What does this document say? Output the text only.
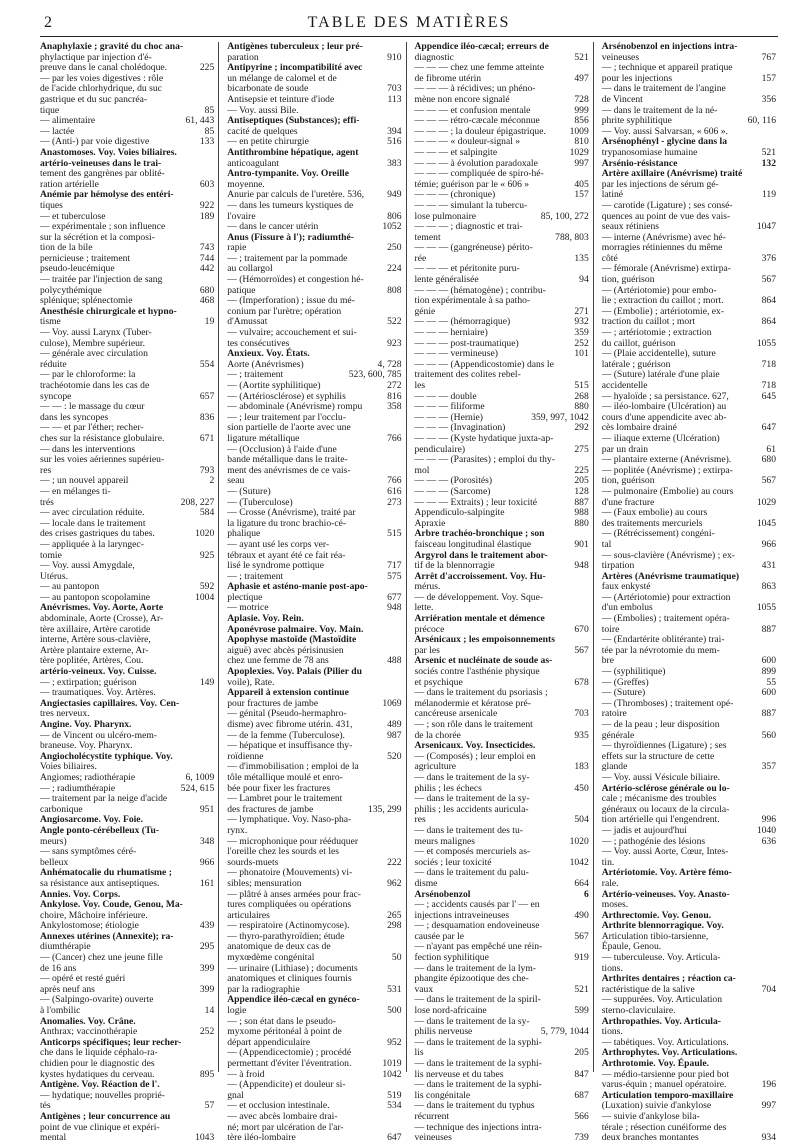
2	TABLE DES MATIÈRES
Anaphylaxie ; gravité du choc ana-
phylactique par injection d'é-
preuve dans le canal cholédoque.	225
— par les voies digestives : rôle
de l'acide chlorhydrique, du suc
gastrique et du suc pancréa-
tique	85
— alimentaire	61, 443
— lactée	85
— (Anti-) par voie digestive	133
Anastomoses. Voy. Voies biliaires.
artério-veineuses dans le trai-
tement des gangrènes par oblité-
ration artérielle	603
Anémie par hémolyse des entéri-
tiques	922
— et tuberculose	189
— expérimentale ; son influence
sur la sécrétion et la composi-
tion de la bile	743
pernicieuse ; traitement	744
pseudo-leucémique	442
— traitée par l'injection de sang
polycythémique	680
splénique; splénectomie	468
Anesthésie chirurgicale et hypno-
tisme	19
— Voy. aussi Larynx (Tuber-
culose), Membre supérieur.
— générale avec circulation
réduite	554
— par le chloroforme: la
trachéotomie dans les cas de
syncope	657
— — : le massage du cœur
dans les syncopes	836
— — et par l'éther; recher-
ches sur la résistance globulaire.	671
— dans les interventions
sur les voies aériennes supérieu-
res	793
— ; un nouvel appareil	2
— en mélanges ti-
trés	208, 227
— avec circulation réduite.	584
— locale dans le traitement
des crises gastriques du tabes.	1020
— appliquée à la laryngec-
tomie	925
— Voy. aussi Amygdale,
Utérus.
— au pantopon	592
— au pantopon scopolamine	1004
Anévrismes. Voy. Aorte, Aorte
abdominale, Aorte (Crosse), Ar-
tère axillaire, Artère carotide
interne, Artère sous-clavière,
Artère plantaire externe, Ar-
tère poplitée, Artères, Cou.
artério-veineux. Voy. Cuisse.
— ; extirpation; guérison	149
— traumatiques. Voy. Artères.
Angiectasies capillaires. Voy. Cen-
tres nerveux.
Angine. Voy. Pharynx.
— de Vincent ou ulcéro-mem-
braneuse. Voy. Pharynx.
Angiocholécystite typhique. Voy.
Voies biliaires.
Angiomes; radiothérapie	6, 1009
— ; radiumthérapie	524, 615
— traitement par la neige d'acide
carbonique	951
Angiosarcome. Voy. Foie.
Angle ponto-cérébelleux (Tu-
meurs)	348
— sans symptômes céré-
belleux	966
Anhématocalie du rhumatisme ;
sa résistance aux antiseptiques.	161
Annies. Voy. Corps.
Ankylose. Voy. Coude, Genou, Ma-
choire, Mâchoire inférieure.
Ankylostomose; étiologie	439
Annexes utérines (Annexite); ra-
diumthérapie	295
— (Cancer) chez une jeune fille
de 16 ans	399
— opéré et resté guéri
après neuf ans	399
— (Salpingo-ovarite) ouverte
à l'ombilic	14
Anomalies. Voy. Crâne.
Anthrax; vaccinothérapie	252
Anticorps spécifiques; leur recher-
che dans le liquide céphalo-ra-
chidien pour le diagnostic des
kystes hydatiques du cerveau.	895
Antigène. Voy. Réaction de l'.
— hydatique; nouvelles proprié-
tés	57
Antigènes ; leur concurrence au
point de vue clinique et expéri-
mental	1043
Antigènes tuberculeux ; leur pré-
paration	910
Antipyrine ; incompatibilité avec
un mélange de calomel et de
bicarbonate de soude	703
Antisepsie et teinture d'iode	113
— Voy. aussi Bile.
Antiseptiques (Substances); effi-
cacité de quelques	394
— en petite chirurgie	516
Antithrombine hépatique, agent
anticoagulant	383
Antro-tympanite. Voy. Oreille
moyenne.
Anurie par calculs de l'uretère. 536,	949
— dans les tumeurs kystiques de
l'ovaire	806
— dans le cancer utérin	1052
Anus (Fissure à l'); radiumthé-
rapie	250
— ; traitement par la pommade
au collargol	224
— (Hémorroïdes) et congestion hé-
patique	808
— (Imperforation) ; issue du mé-
conium par l'urètre; opération
d'Amussat	522
— vulvaire; accouchement et sui-
tes consécutives	923
Anxieux. Voy. États.
Aorte (Anévrismes)	4, 728
— ; traitement	523, 600, 785
— (Aortite syphilitique)	272
— (Artériosclérose) et syphilis	816
— abdominale (Anévrisme) rompu	358
— ; leur traitement par l'occlu-
sion partielle de l'aorte avec une
ligature métallique	766
— (Occlusion) à l'aide d'une
bande métallique dans le traite-
ment des anévrismes de ce vais-
seau	766
— (Suture)	616
— (Tuberculose)	273
— Crosse (Anévrisme), traité par
la ligature du tronc brachio-cé-
phalique	515
— ayant usé les corps ver-
tébraux et ayant été ce fait réa-
lisé le syndrome pottique	717
— ; traitement	575
Aphasie et asténo-manie post-apo-
plectique	677
— motrice	948
Aplasie. Voy. Rein.
Aponévrose palmaire. Voy. Main.
Apophyse mastoïde (Mastoïdite
aiguë) avec abcès périsinusien
chez une femme de 78 ans	488
Apoplexies. Voy. Palais (Pilier du
voile), Rate.
Appareil à extension continue
pour fractures de jambe	1069
— génital (Pseudo-hermaphro-
disme) avec fibrome utérin. 431,	489
— de la femme (Tuberculose).	987
— hépatique et insuffisance thy-
roïdienne	520
— d'immobilisation ; emploi de la
tôle métallique moulé et enro-
bée pour fixer les fractures
— Lambret pour le traitement
des fractures de jambe	135, 299
— lymphatique. Voy. Naso-pha-
rynx.
— microphonique pour rééduquer
l'oreille chez les sourds et les
sourds-muets	222
— phonatoire (Mouvements) vi-
sibles; mensuration	962
— plâtré à anses armées pour frac-
tures compliquées ou opérations
articulaires	265
— respiratoire (Actinomycose).	298
— thyro-parathyroïdien; étude
anatomique de deux cas de
myxœdème congénital	50
— urinaire (Lithiase) ; documents
anatomiques et cliniques fournis
par la radiographie	531
Appendice iléo-cæcal en gynéco-
logie	500
— ; son état dans le pseudo-
myxome péritonéal à point de
départ appendiculaire	952
— (Appendicectomie) ; procédé
permettant d'éviter l'éventration.	1019
— à froid	1042
— (Appendicite) et douleur si-
gnal	519
— et occlusion intestinale.	534
— avec abcès lombaire drai-
né; mort par ulcération de l'ar-
tère iléo-lombaire	647
Appendice iléo-cæcal; erreurs de
diagnostic	521
— — — chez une femme atteinte
de fibrome utérin	497
— — — à récidives; un phéno-
mène non encore signalé	728
— — — et confusion mentale	999
— — — rétro-cæcale méconnue	856
— — — ; la douleur épigastrique.	1009
— — — « douleur-signal »	810
— — — et salpingite	1029
— — — à évolution paradoxale	997
— — — compliquée de spiro-hé-
témie; guérison par le « 606 »	405
— — — (chronique)	157
— — — simulant la tubercu-
lose pulmonaire	85, 100, 272
— — — ; diagnostic et trai-
tement	788, 803
— — — (gangréneuse) périto-
rée	135
— — — et péritonite puru-
lente généralisée	94
— — — (hématogène) ; contribu-
tion expérimentale à sa patho-
génie	271
— — — (hémorragique)	932
— — — herniaire)	359
— — — post-traumatique)	252
— — — vermineuse)	101
— — — (Appendicostomie) dans le
traitement des colites rebel-
les	515
— — — double	268
— — — filiforme	880
— — — (Hernie)	359, 997, 1042
— — — (Invagination)	292
— — — (Kyste hydatique juxta-ap-
pendiculaire)	275
— — — (Parasites) ; emploi du thy-
mol	225
— — — (Porosités)	205
— — — (Sarcome)	128
— — — Extraits) ; leur toxicité	887
Appendiculo-salpingite	988
Apraxie	880
Arbre trachéo-bronchique ; son
faisceau longitudinal élastique	901
Argyrol dans le traitement abor-
tif de la blennorragie	948
Arrêt d'accroissement. Voy. Hu-
mérus.
— de développement. Voy. Sque-
lette.
Arriération mentale et démence
précoce	670
Arsénicaux ; les empoisonnements
par les	567
Arsenic et nucléinate de soude as-
sociés contre l'asthénie physique
et psychique	678
— dans le traitement du psoriasis ;
mélanodermie et kératose pré-
cancéreuse arsenicale	703
— ; son rôle dans le traitement
de la chorée	935
Arsenicaux. Voy. Insecticides.
— (Composés) ; leur emploi en
agriculture	183
— dans le traitement de la sy-
philis ; les échecs	450
— dans le traitement de la sy-
philis ; les accidents auricula-
res	504
— dans le traitement des tu-
meurs malignes	1020
— et composés mercuriels as-
sociés ; leur toxicité	1042
— dans le traitement du palu-
disme	664
Arsénobenzol	6
— ; accidents causés par l' — en
injections intraveineuses	490
— ; desquamation endoveineuse
causée par le	567
— n'ayant pas empêché une réin-
fection syphilitique	919
— dans le traitement de la lym-
phangite épizootique des che-
vaux	521
— dans le traitement de la spiril-
lose nord-africaine	599
— dans le traitement de la sy-
philis nerveuse	5, 779, 1044
— dans le traitement de la syphi-
lis	205
— dans le traitement de la syphi-
lis nerveuse et du tabes	847
— dans le traitement de la syphi-
lis congénitale	687
— dans le traitement du typhus
récurrent	566
— technique des injections intra-
veineuses	739
Arsénobenzol en injections intra-
veineuses	767
— ; technique et appareil pratique
pour les injections	157
— dans le traitement de l'angine
de Vincent	356
— dans le traitement de la né-
phrite syphilitique	60, 116
— Voy. aussi Salvarsan, « 606 ».
Arsénophényl - glycine dans la
trypanosomiase humaine	521
Arsénio-résistance	132
Artère axillaire (Anévrisme) traité
par les injections de sérum gé-
latiné	119
— carotide (Ligature) ; ses consé-
quences au point de vue des vais-
seaux rétiniens	1047
— interne (Anévrisme) avec hé-
morragies rétiniennes du même
côté	376
— fémorale (Anévrisme) extirpa-
tion, guérison	567
— (Artériotomie) pour embo-
lie ; extraction du caillot ; mort.	864
— (Embolie) ; artériotomie, ex-
traction du caillot ; mort	864
— ; artériotomie ; extraction
du caillot, guérison	1055
— (Plaie accidentelle), suture
latérale ; guérison	718
— (Suture) latérale d'une plaie
accidentelle	718
— hyaloïde ; sa persistance. 627,	645
— iléo-lombaire (Ulcération) au
cours d'une appendicite avec ab-
cès lombaire drainé	647
— iliaque externe (Ulcération)
par un drain	61
— plantaire externe (Anévrisme).	680
— poplitée (Anévrisme) ; extirpa-
tion, guérison	567
— pulmonaire (Embolie) au cours
d'une fracture	1029
— (Faux embolie) au cours
des traitements mercuriels	1045
— (Rétrécissement) congéni-
tal	966
— sous-clavière (Anévrisme) ; ex-
tirpation	431
Artères (Anévrisme traumatique)
faux enkysté	863
— (Artériotomie) pour extraction
d'un embolus	1055
— (Embolies) ; traitement opéra-
toire	887
— (Endartérite oblitérante) trai-
tée par la névrotomie du mem-
bre	600
— (syphilitique)	899
— (Greffes)	55
— (Suture)	600
— (Thromboses) ; traitement opé-
ratoire	887
— de la peau ; leur disposition
générale	560
— thyroïdiennes (Ligature) ; ses
effets sur la structure de cette
glande	357
— Voy. aussi Vésicule biliaire.
Artério-sclérose générale ou lo-
cale ; mécanisme des troubles
généraux ou locaux de la circula-
tion artérielle qui l'engendrent.	996
— jadis et aujourd'hui	1040
— ; pathogénie des lésions	636
— Voy. aussi Aorte, Cœur, Intes-
tin.
Artériotomie. Voy. Artère fémo-
rale.
Artério-veineuses. Voy. Anasto-
moses.
Arthrectomie. Voy. Genou.
Arthrite blennorragique. Voy.
Articulation tibio-tarsienne,
Épaule, Genou.
— tuberculeuse. Voy. Articula-
tions.
Arthrites dentaires ; réaction ca-
ractéristique de la salive	704
— suppurées. Voy. Articulation
sterno-claviculaire.
Arthropathies. Voy. Articula-
tions.
— tabétiques. Voy. Articulations.
Arthrophytes. Voy. Articulations.
Arthrotomie. Voy. Épaule.
— médio-tarsienne pour pied bot
varus-équin ; manuel opératoire.	196
Articulation temporo-maxillaire
(Luxation) suivie d'ankylose	997
— suivie d'ankylose bila-
térale ; résection cunéiforme des
deux branches montantes	934
